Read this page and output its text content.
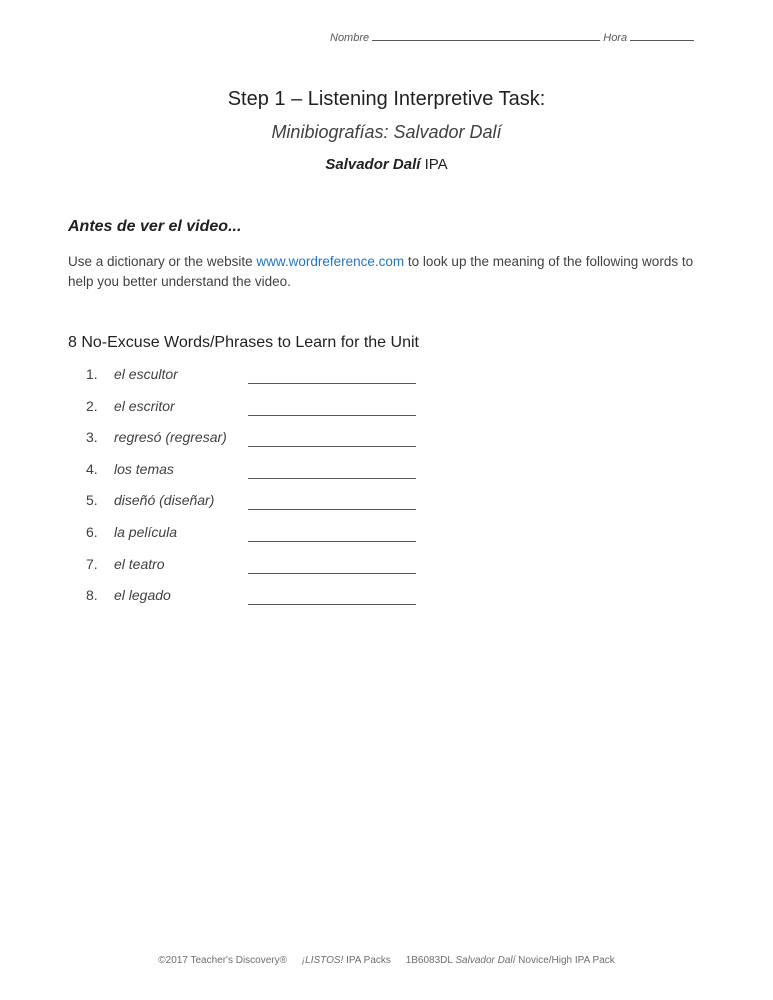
Nombre	Hora
Step 1 – Listening Interpretive Task:
Minibiografías: Salvador Dalí
Salvador Dalí IPA
Antes de ver el video...
Use a dictionary or the website www.wordreference.com to look up the meaning of the following words to help you better understand the video.
8 No-Excuse Words/Phrases to Learn for the Unit
1.	el escultor
2.	el escritor
3.	regresó (regresar)
4.	los temas
5.	diseñó (diseñar)
6.	la película
7.	el teatro
8.	el legado
©2017 Teacher's Discovery® ¡LISTOS! IPA Packs 1B6083DL Salvador Dalí Novice/High IPA Pack
